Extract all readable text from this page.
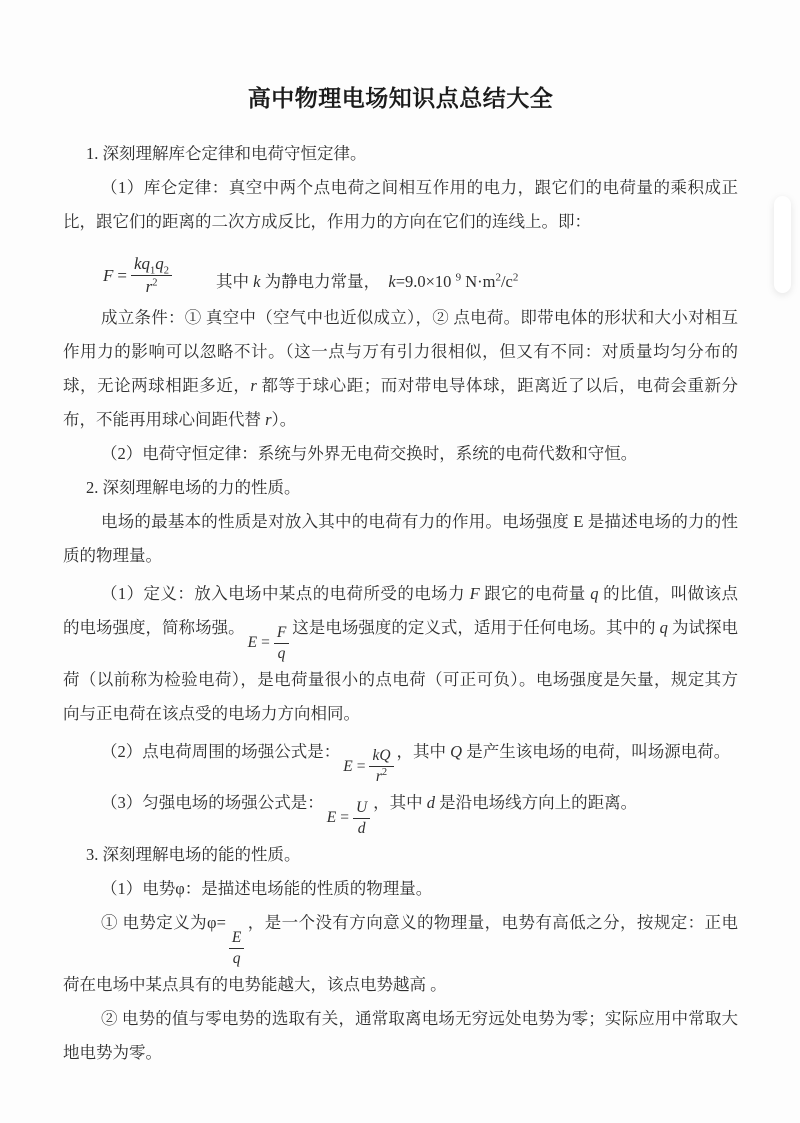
高中物理电场知识点总结大全

1. 深刻理解库仑定律和电荷守恒定律。

（1）库仑定律：真空中两个点电荷之间相互作用的电力，跟它们的电荷量的乘积成正比，跟它们的距离的二次方成反比，作用力的方向在它们的连线上。即：

$F = \frac{kq_1q_2}{r^2}$	其中 k 为静电力常量，　k=9.0×10 $^9$ $N\cdot m^2/c^2$

成立条件：① 真空中（空气中也近似成立），② 点电荷。即带电体的形状和大小对相互作用力的影响可以忽略不计。（这一点与万有引力很相似，但又有不同：对质量均匀分布的球，无论两球相距多近，r 都等于球心距；而对带电导体球，距离近了以后，电荷会重新分布，不能再用球心间距代替 r）。

（2）电荷守恒定律：系统与外界无电荷交换时，系统的电荷代数和守恒。

2. 深刻理解电场的力的性质。

电场的最基本的性质是对放入其中的电荷有力的作用。电场强度 E 是描述电场的力的性质的物理量。

（1）定义：放入电场中某点的电荷所受的电场力 F 跟它的电荷量 q 的比值，叫做该点的电场强度，简称场强。
$E = \frac{F}{q}$ 这是电场强度的定义式，适用于任何电场。其中的 q 为试探电荷（以前称为检验电荷），是电荷量很小的点电荷（可正可负）。电场强度是矢量，规定其方向与正电荷在该点受的电场力方向相同。

（2）点电荷周围的场强公式是：
$E = \frac{kQ}{r^2}$ ，其中 Q 是产生该电场的电荷，叫场源电荷。

（3）匀强电场的场强公式是：
$E = \frac{U}{d}$ ，其中 d 是沿电场线方向上的距离。

3. 深刻理解电场的能的性质。

（1）电势φ：是描述电场能的性质的物理量。

① 电势定义为φ=
$\frac{E}{q}$
，是一个没有方向意义的物理量，电势有高低之分，按规定：正电荷在电场中某点具有的电势能越大，该点电势越高 。

② 电势的值与零电势的选取有关，通常取离电场无穷远处电势为零；实际应用中常取大地电势为零。
